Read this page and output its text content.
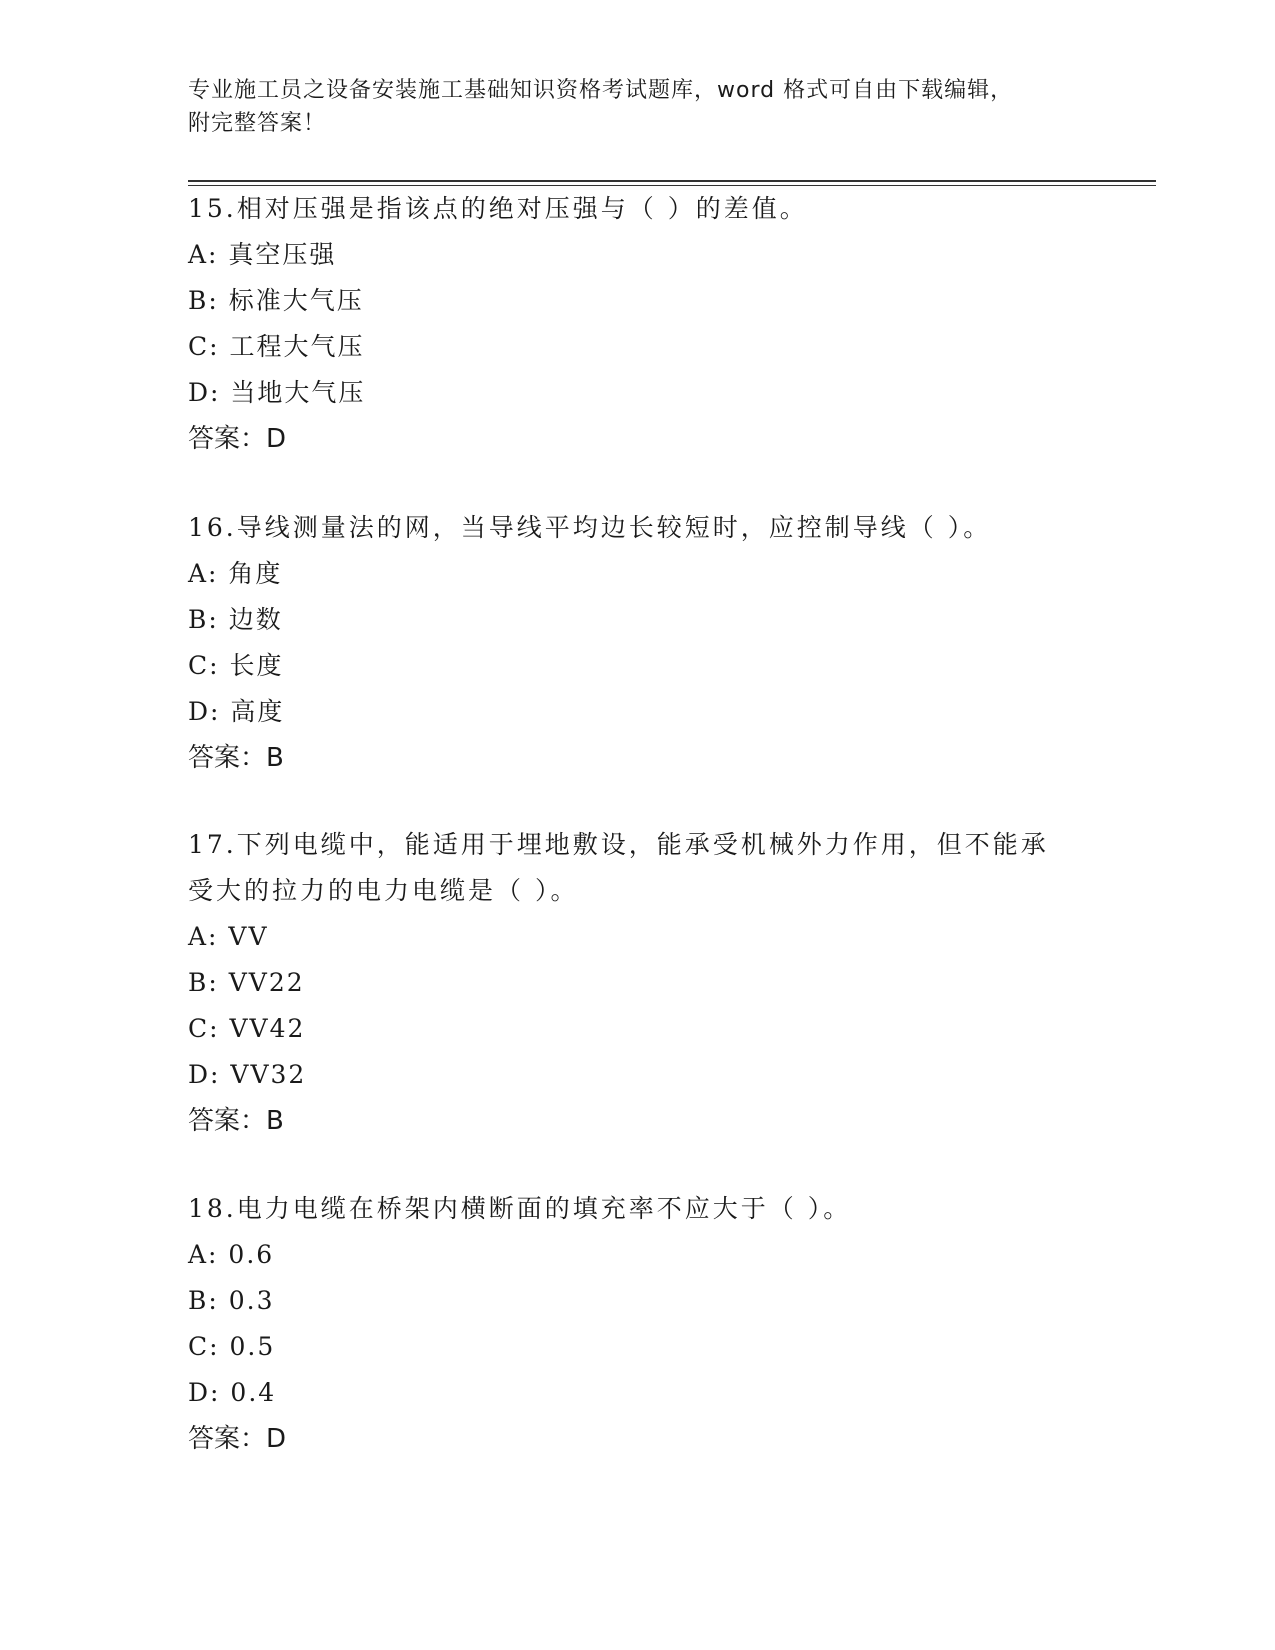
专业施工员之设备安装施工基础知识资格考试题库，word 格式可自由下载编辑，
附完整答案！

15.相对压强是指该点的绝对压强与（ ）的差值。

A: 真空压强

B: 标准大气压

C: 工程大气压

D: 当地大气压

答案：D

16.导线测量法的网，当导线平均边长较短时，应控制导线（ ）。

A: 角度

B: 边数

C: 长度

D: 高度

答案：B

17.下列电缆中，能适用于埋地敷设，能承受机械外力作用，但不能承受大的拉力的电力电缆是（ ）。

A: VV

B: VV22

C: VV42

D: VV32

答案：B

18.电力电缆在桥架内横断面的填充率不应大于（ ）。

A: 0.6

B: 0.3

C: 0.5

D: 0.4

答案：D
